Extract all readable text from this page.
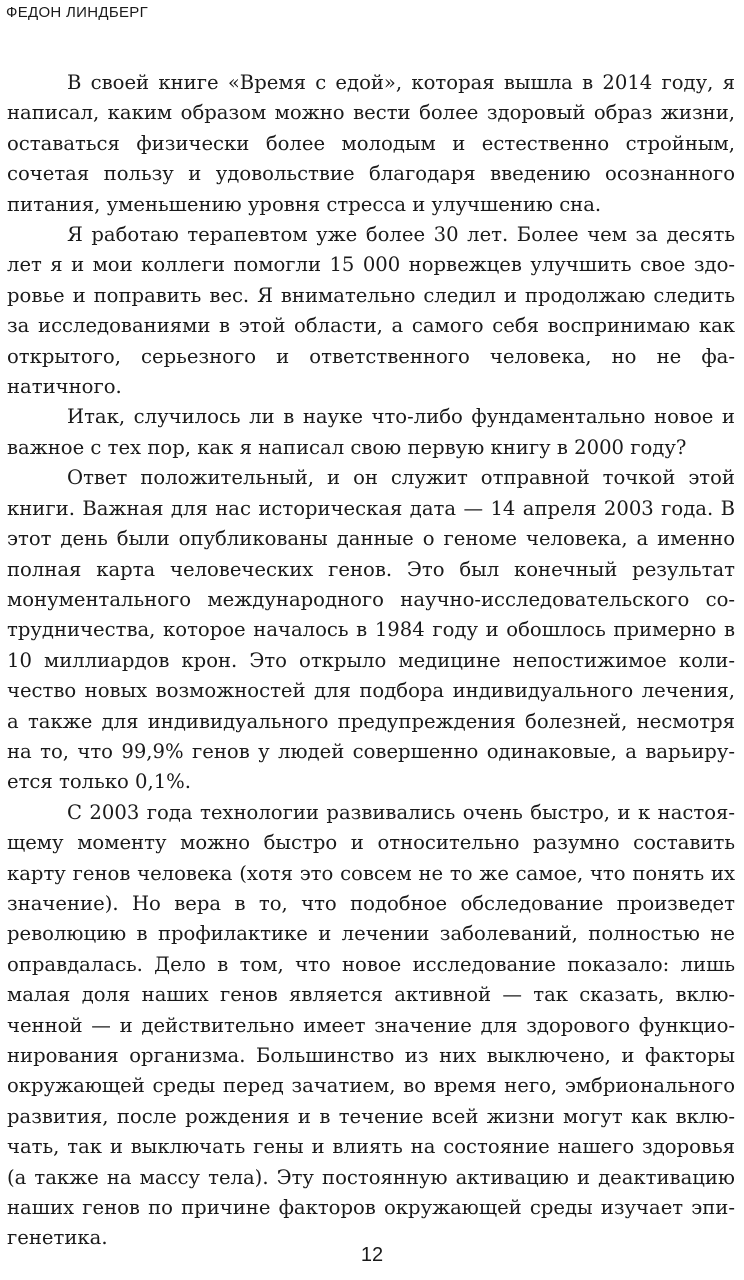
ФЕДОН ЛИНДБЕРГ

В своей книге «Время с едой», которая вышла в 2014 году, я написал, каким образом можно вести более здоровый образ жизни, оставаться физически более молодым и естественно стройным, сочетая пользу и удовольствие благодаря введению осознанного питания, уменьшению уровня стресса и улучшению сна.

Я работаю терапевтом уже более 30 лет. Более чем за десять лет я и мои коллеги помогли 15 000 норвежцев улучшить свое здоровье и поправить вес. Я внимательно следил и продолжаю следить за исследованиями в этой области, а самого себя воспринимаю как открытого, серьезного и ответственного человека, но не фанатичного.

Итак, случилось ли в науке что-либо фундаментально новое и важное с тех пор, как я написал свою первую книгу в 2000 году?

Ответ положительный, и он служит отправной точкой этой книги. Важная для нас историческая дата — 14 апреля 2003 года. В этот день были опубликованы данные о геноме человека, а именно полная карта человеческих генов. Это был конечный результат монументального международного научно-исследовательского сотрудничества, которое началось в 1984 году и обошлось примерно в 10 миллиардов крон. Это открыло медицине непостижимое количество новых возможностей для подбора индивидуального лечения, а также для индивидуального предупреждения болезней, несмотря на то, что 99,9% генов у людей совершенно одинаковые, а варьируется только 0,1%.

С 2003 года технологии развивались очень быстро, и к настоящему моменту можно быстро и относительно разумно составить карту генов человека (хотя это совсем не то же самое, что понять их значение). Но вера в то, что подобное обследование произведет революцию в профилактике и лечении заболеваний, полностью не оправдалась. Дело в том, что новое исследование показало: лишь малая доля наших генов является активной — так сказать, включенной — и действительно имеет значение для здорового функционирования организма. Большинство из них выключено, и факторы окружающей среды перед зачатием, во время него, эмбрионального развития, после рождения и в течение всей жизни могут как включать, так и выключать гены и влиять на состояние нашего здоровья (а также на массу тела). Эту постоянную активацию и деактивацию наших генов по причине факторов окружающей среды изучает эпигенетика.

12
